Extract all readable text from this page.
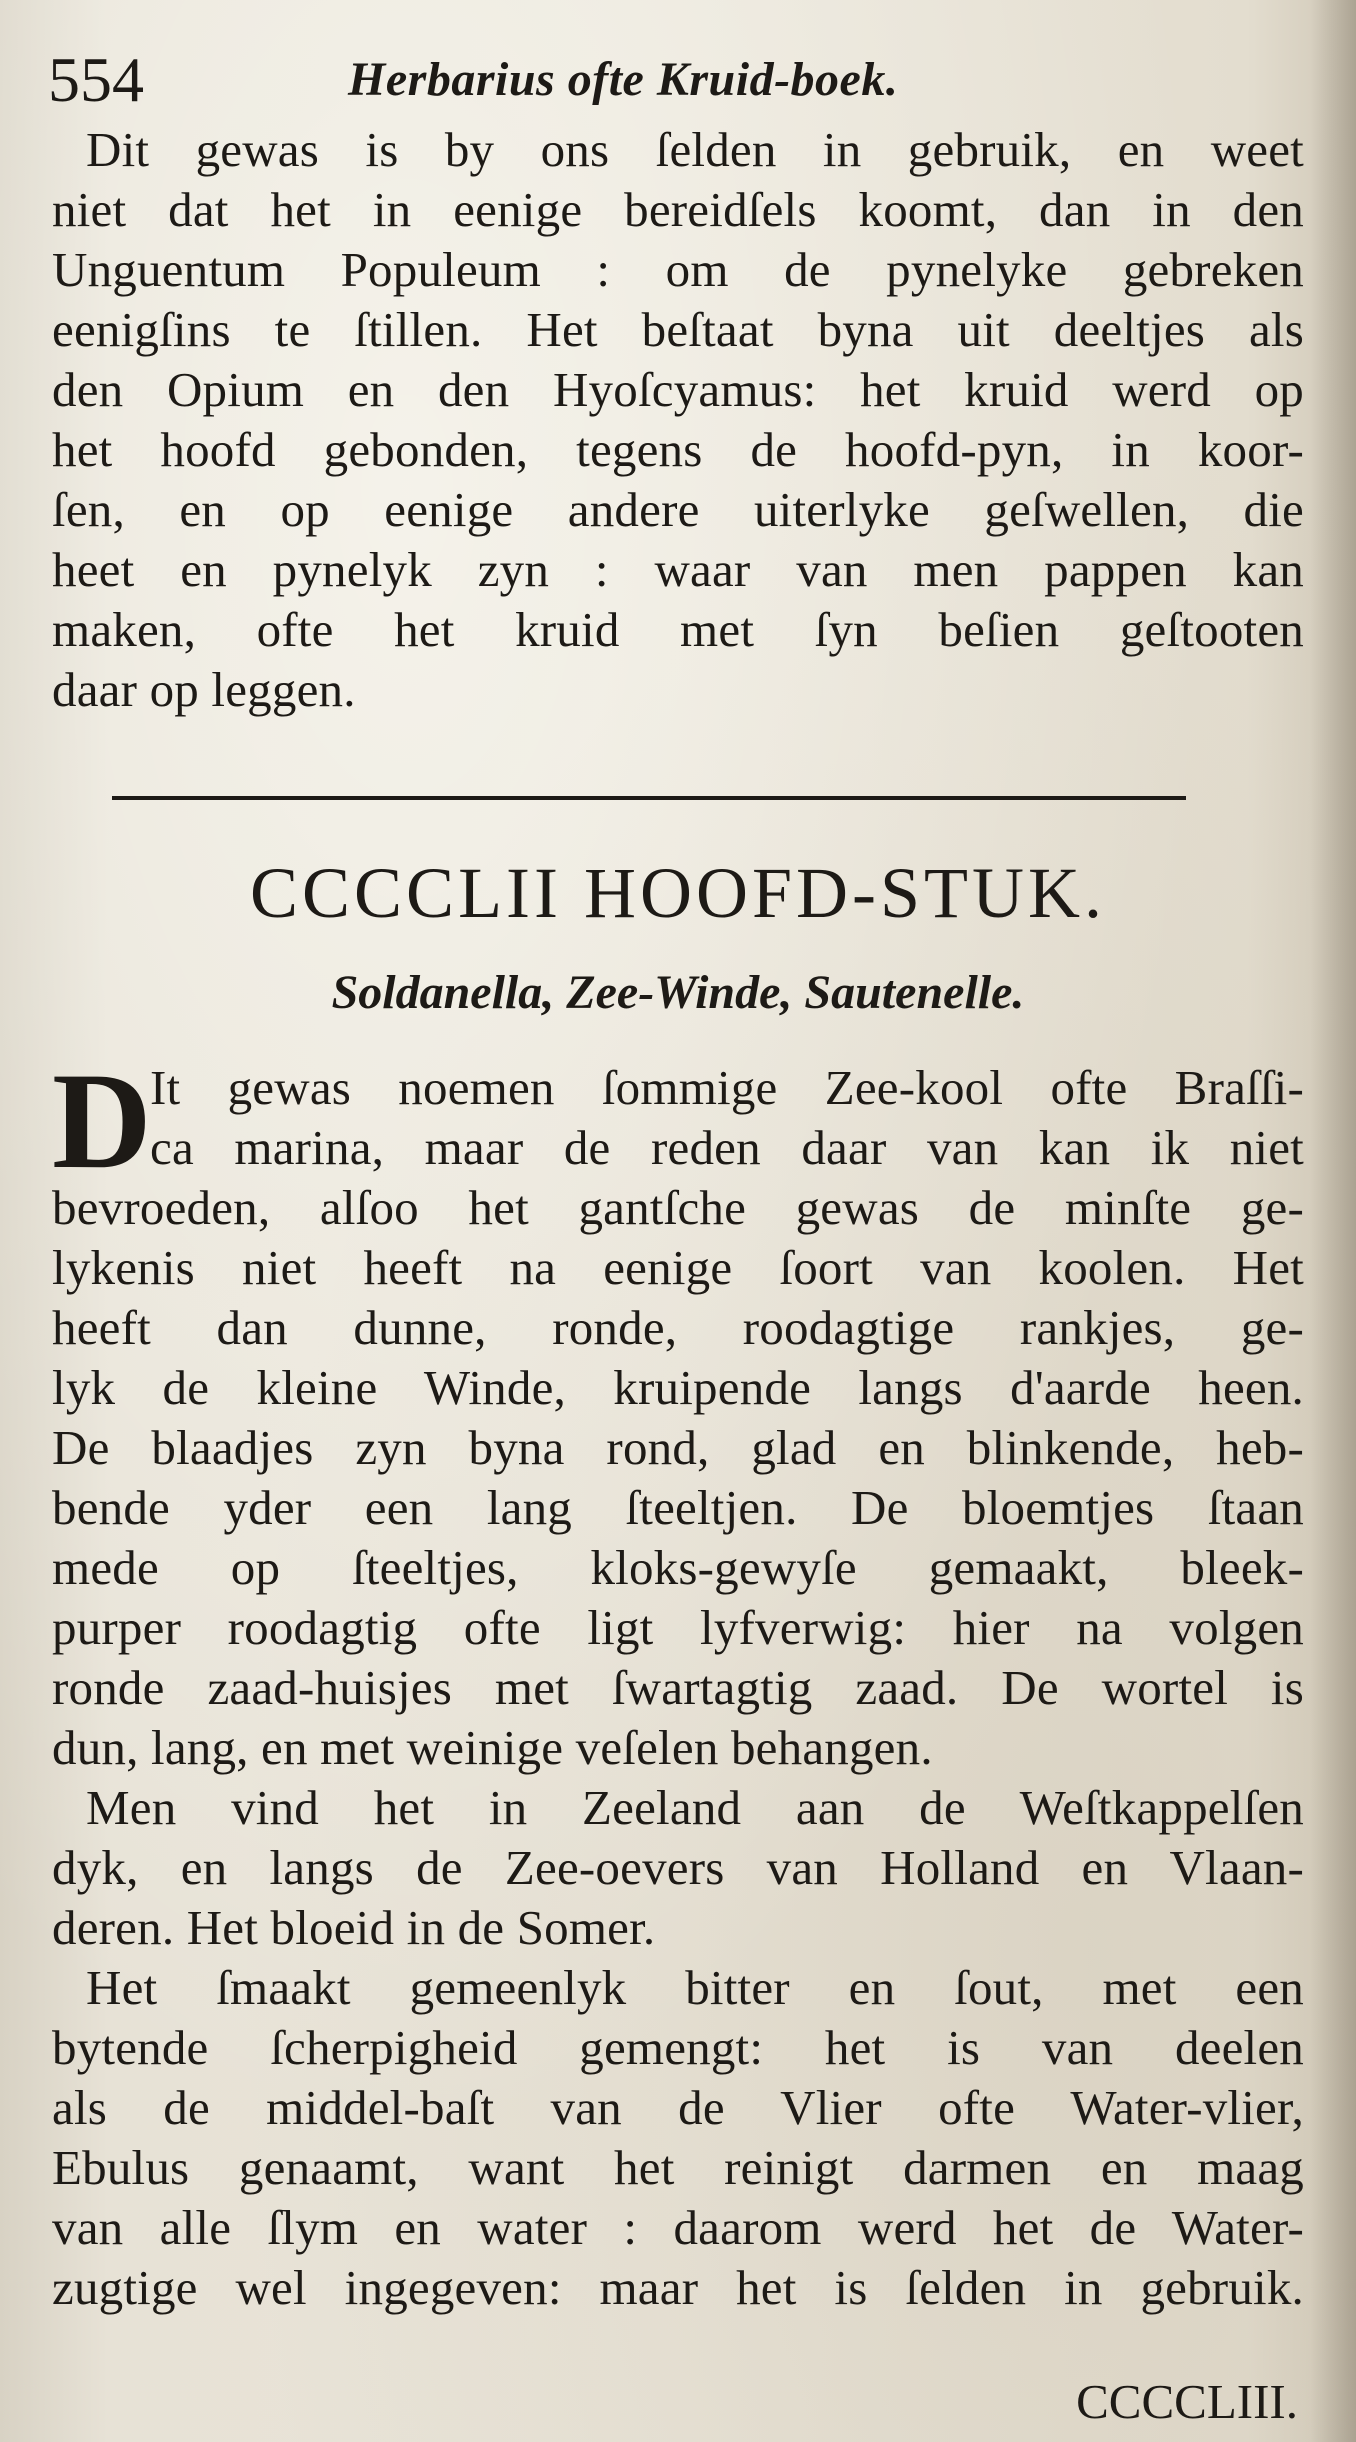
554	Herbarius ofte Kruid-boek.
Dit gewas is by ons ſelden in gebruik, en weet
niet dat het in eenige bereidſels koomt, dan in den
Unguentum Populeum : om de pynelyke gebreken
eenigſins te ſtillen. Het beſtaat byna uit deeltjes als
den Opium en den Hyoſcyamus: het kruid werd op
het hoofd gebonden, tegens de hoofd-pyn, in koor-
ſen, en op eenige andere uiterlyke geſwellen, die
heet en pynelyk zyn : waar van men pappen kan
maken, ofte het kruid met ſyn beſien geſtooten
daar op leggen.
CCCCLII HOOFD-STUK.
Soldanella, Zee-Winde, Sautenelle.
D
It gewas noemen ſommige Zee-kool ofte Braſſi-
ca marina, maar de reden daar van kan ik niet
bevroeden, alſoo het gantſche gewas de minſte ge-
lykenis niet heeft na eenige ſoort van koolen. Het
heeft dan dunne, ronde, roodagtige rankjes, ge-
lyk de kleine Winde, kruipende langs d'aarde heen.
De blaadjes zyn byna rond, glad en blinkende, heb-
bende yder een lang ſteeltjen. De bloemtjes ſtaan
mede op ſteeltjes, kloks-gewyſe gemaakt, bleek-
purper roodagtig ofte ligt lyfverwig: hier na volgen
ronde zaad-huisjes met ſwartagtig zaad. De wortel is
dun, lang, en met weinige veſelen behangen.
Men vind het in Zeeland aan de Weſtkappelſen
dyk, en langs de Zee-oevers van Holland en Vlaan-
deren. Het bloeid in de Somer.
Het ſmaakt gemeenlyk bitter en ſout, met een
bytende ſcherpigheid gemengt: het is van deelen
als de middel-baſt van de Vlier ofte Water-vlier,
Ebulus genaamt, want het reinigt darmen en maag
van alle ſlym en water : daarom werd het de Water-
zugtige wel ingegeven: maar het is ſelden in gebruik.
CCCCLIII.
